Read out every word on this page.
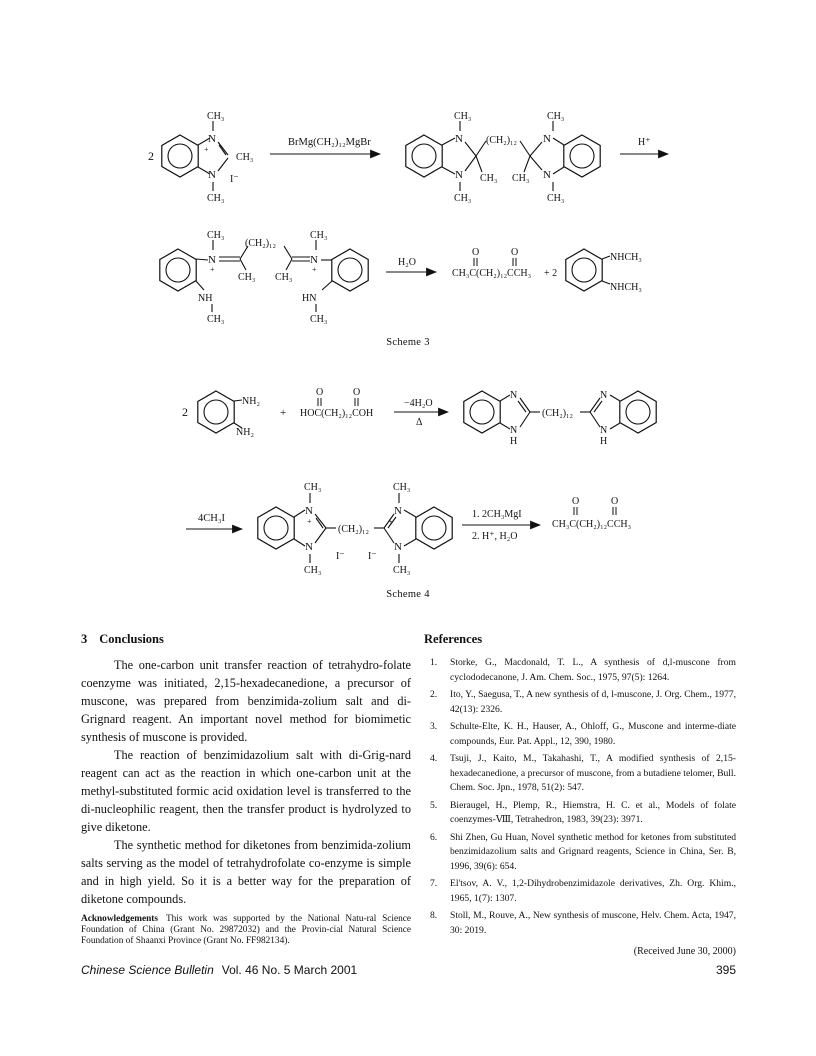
2
N
+
N
CH₃
CH₃
CH₃
I⁻
BrMg(CH₂)₁₂MgBr	N
N
CH₃
CH₃
CH₃
(CH₂)₁₂
CH₃
N
N
CH₃
CH₃
H⁺
N
+
CH₃
CH₃
(CH₂)₁₂
CH₃
N
+
CH₃
NH
CH₃
HN
CH₃
H₂O
O	O
CH₃C(CH₂)₁₂CCH₃ + 2
NHCH₃
NHCH₃
Scheme 3
2
NH₂
NH₂
+
O	O
HOC(CH₂)₁₂COH
−4H₂O
Δ
N
N
H
(CH₂)₁₂
N
N
H
4CH₃I
N
+
N
CH₃
CH₃
(CH₂)₁₂
N
+
N
CH₃
CH₃
I⁻ I⁻
1. 2CH₃MgI
2. H⁺, H₂O
O	O
CH₃C(CH₂)₁₂CCH₃
Scheme 4
3 Conclusions

The one-carbon unit transfer reaction of tetrahydro-folate coenzyme was initiated, 2,15-hexadecanedione, a precursor of muscone, was prepared from benzimida-zolium salt and di-Grignard reagent. An important novel method for biomimetic synthesis of muscone is provided.

The reaction of benzimidazolium salt with di-Grig-nard reagent can act as the reaction in which one-carbon unit at the methyl-substituted formic acid oxidation level is transferred to the di-nucleophilic reagent, then the transfer product is hydrolyzed to give diketone.

The synthetic method for diketones from benzimida-zolium salts serving as the model of tetrahydrofolate co-enzyme is simple and in high yield. So it is a better way for the preparation of diketone compounds.

Acknowledgements This work was supported by the National Natu-ral Science Foundation of China (Grant No. 29872032) and the Provin-cial Natural Science Foundation of Shaanxi Province (Grant No. FF982134).
References
1. Storke, G., Macdonald, T. L., A synthesis of d,l-muscone from cyclododecanone, J. Am. Chem. Soc., 1975, 97(5): 1264.
2. Ito, Y., Saegusa, T., A new synthesis of d, l-muscone, J. Org. Chem., 1977, 42(13): 2326.
3. Schulte-Elte, K. H., Hauser, A., Ohloff, G., Muscone and interme-diate compounds, Eur. Pat. Appl., 12, 390, 1980.
4. Tsuji, J., Kaito, M., Takahashi, T., A modified synthesis of 2,15-hexadecanedione, a precursor of muscone, from a butadiene telomer, Bull. Chem. Soc. Jpn., 1978, 51(2): 547.
5. Bieraugel, H., Plemp, R., Hiemstra, H. C. et al., Models of folate coenzymes-Ⅷ, Tetrahedron, 1983, 39(23): 3971.
6. Shi Zhen, Gu Huan, Novel synthetic method for ketones from substituted benzimidazolium salts and Grignard reagents, Science in China, Ser. B, 1996, 39(6): 654.
7. El'tsov, A. V., 1,2-Dihydrobenzimidazole derivatives, Zh. Org. Khim., 1965, 1(7): 1307.
8. Stoll, M., Rouve, A., New synthesis of muscone, Helv. Chem. Acta, 1947, 30: 2019.
(Received June 30, 2000)
Chinese Science Bulletin Vol. 46 No. 5 March 2001	395
